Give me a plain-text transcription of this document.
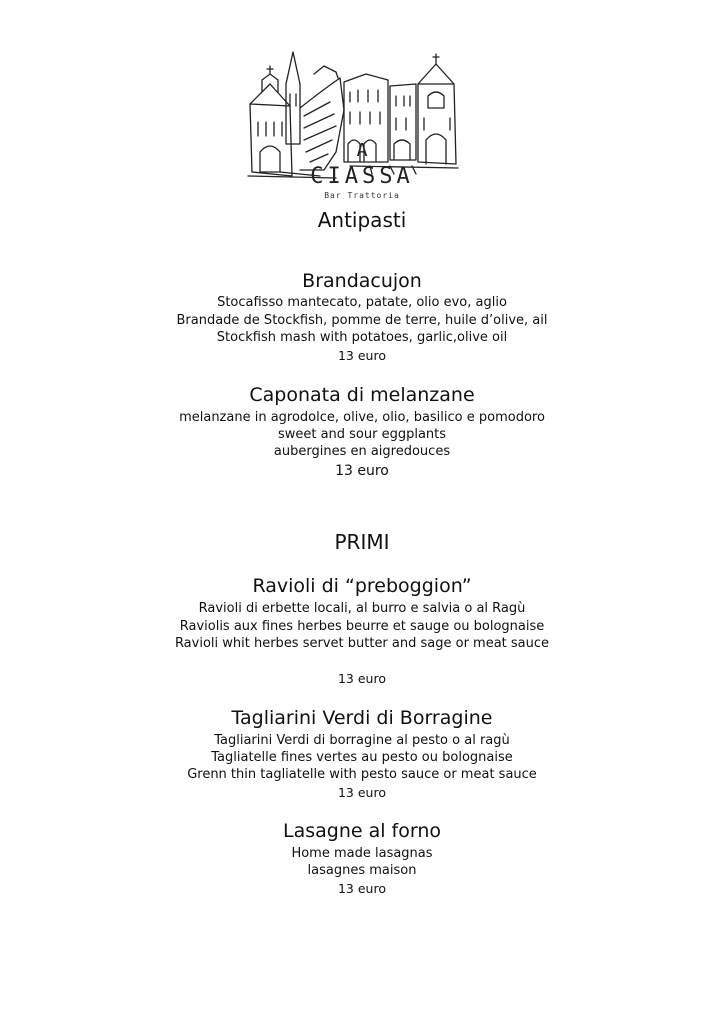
A
CIASSA
Bar Trattoria
Antipasti
Brandacujon
Stocafisso mantecato, patate, olio evo, aglio
Brandade de Stockfish, pomme de terre, huile d’olive, ail
Stockfish mash with potatoes, garlic,olive oil
13 euro
Caponata di melanzane
melanzane in agrodolce, olive, olio, basilico e pomodoro
sweet and sour eggplants
aubergines en aigredouces
13 euro
PRIMI
Ravioli di “preboggion”
Ravioli di erbette locali, al burro e salvia o al Ragù
Raviolis aux fines herbes beurre et sauge ou bolognaise
Ravioli whit herbes servet butter and sage or meat sauce
13 euro
Tagliarini Verdi di Borragine
Tagliarini Verdi di borragine al pesto o al ragù
Tagliatelle fines vertes au pesto ou bolognaise
Grenn thin tagliatelle with pesto sauce or meat sauce
13 euro
Lasagne al forno
Home made lasagnas
lasagnes maison
13 euro
